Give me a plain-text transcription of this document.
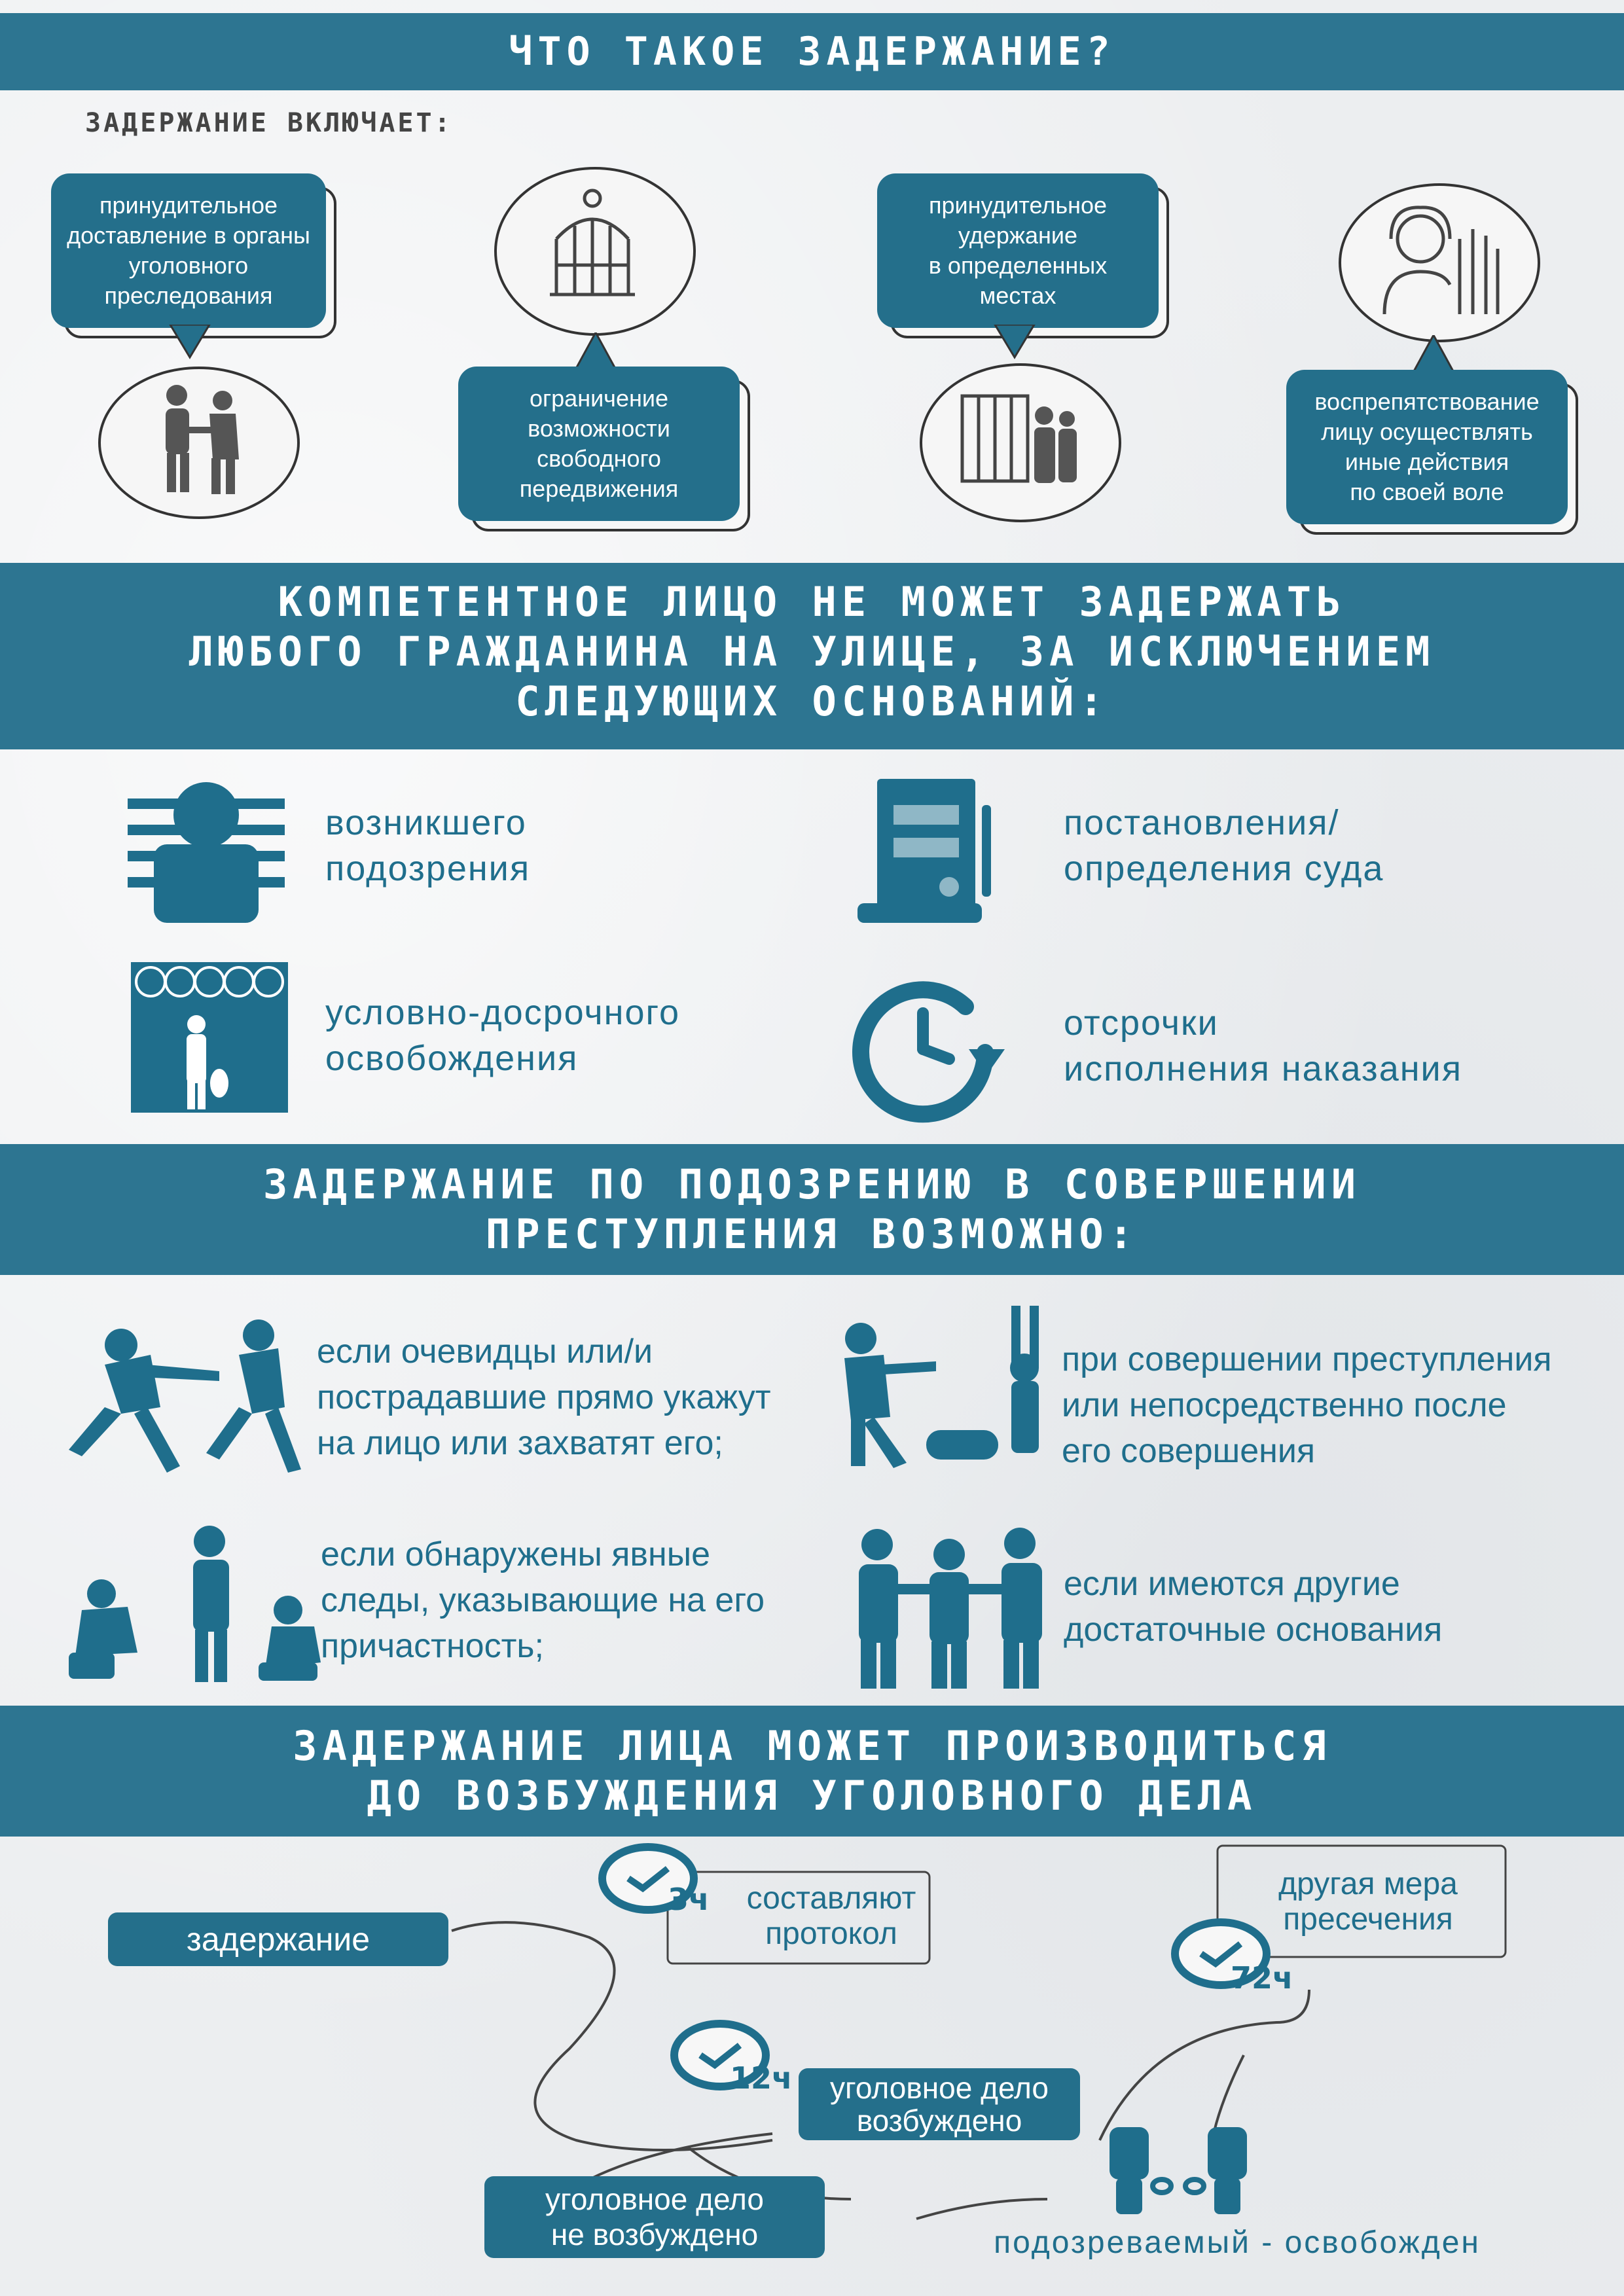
ЧТО ТАКОЕ ЗАДЕРЖАНИЕ?
ЗАДЕРЖАНИЕ ВКЛЮЧАЕТ:
принудительное
доставление в органы
уголовного
преследования
ограничение
возможности
свободного
передвижения
принудительное
удержание
в определенных
местах
воспрепятствование
лицу осуществлять
иные действия
по своей воле
КОМПЕТЕНТНОЕ ЛИЦО НЕ МОЖЕТ ЗАДЕРЖАТЬ
ЛЮБОГО ГРАЖДАНИНА НА УЛИЦЕ, ЗА ИСКЛЮЧЕНИЕМ
СЛЕДУЮЩИХ ОСНОВАНИЙ:
возникшего
подозрения
постановления/
определения суда
условно-досрочного
освобождения
отсрочки
исполнения наказания
ЗАДЕРЖАНИЕ ПО ПОДОЗРЕНИЮ В СОВЕРШЕНИИ
ПРЕСТУПЛЕНИЯ ВОЗМОЖНО:
если очевидцы или/и
пострадавшие прямо укажут
на лицо или захватят его;
при совершении преступления
или непосредственно после
его совершения
если обнаружены явные
следы, указывающие на его
причастность;
если имеются другие
достаточные основания
ЗАДЕРЖАНИЕ ЛИЦА МОЖЕТ ПРОИЗВОДИТЬСЯ
ДО ВОЗБУЖДЕНИЯ УГОЛОВНОГО ДЕЛА
задержание
3ч	составляют
протокол
другая мера
пресечения
72ч
12ч	уголовное дело
возбуждено
уголовное дело
не возбуждено	подозреваемый - освобожден
